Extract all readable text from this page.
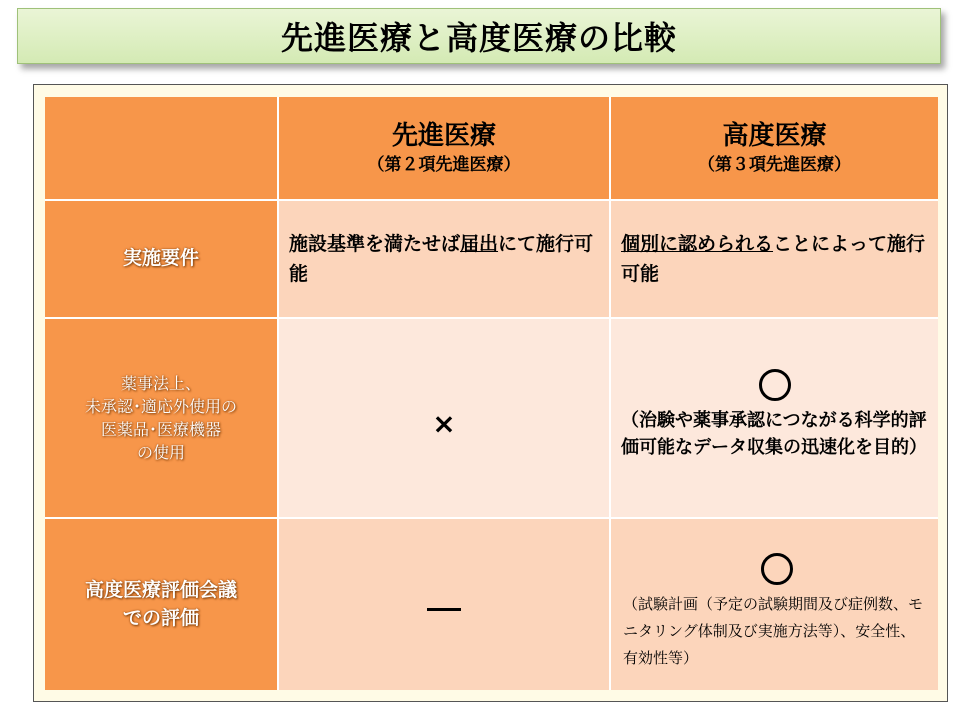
先進医療と高度医療の比較
先進医療
（第２項先進医療）
高度医療
（第３項先進医療）
実施要件
施設基準を満たせば届出にて施行可能
個別に認められることによって施行可能
薬事法上、
未承認･適応外使用の
医薬品･医療機器
の使用
×	（治験や薬事承認につながる科学的評価可能なデータ収集の迅速化を目的）
高度医療評価会議
での評価
（試験計画（予定の試験期間及び症例数、モニタリング体制及び実施方法等）、安全性、有効性等）
